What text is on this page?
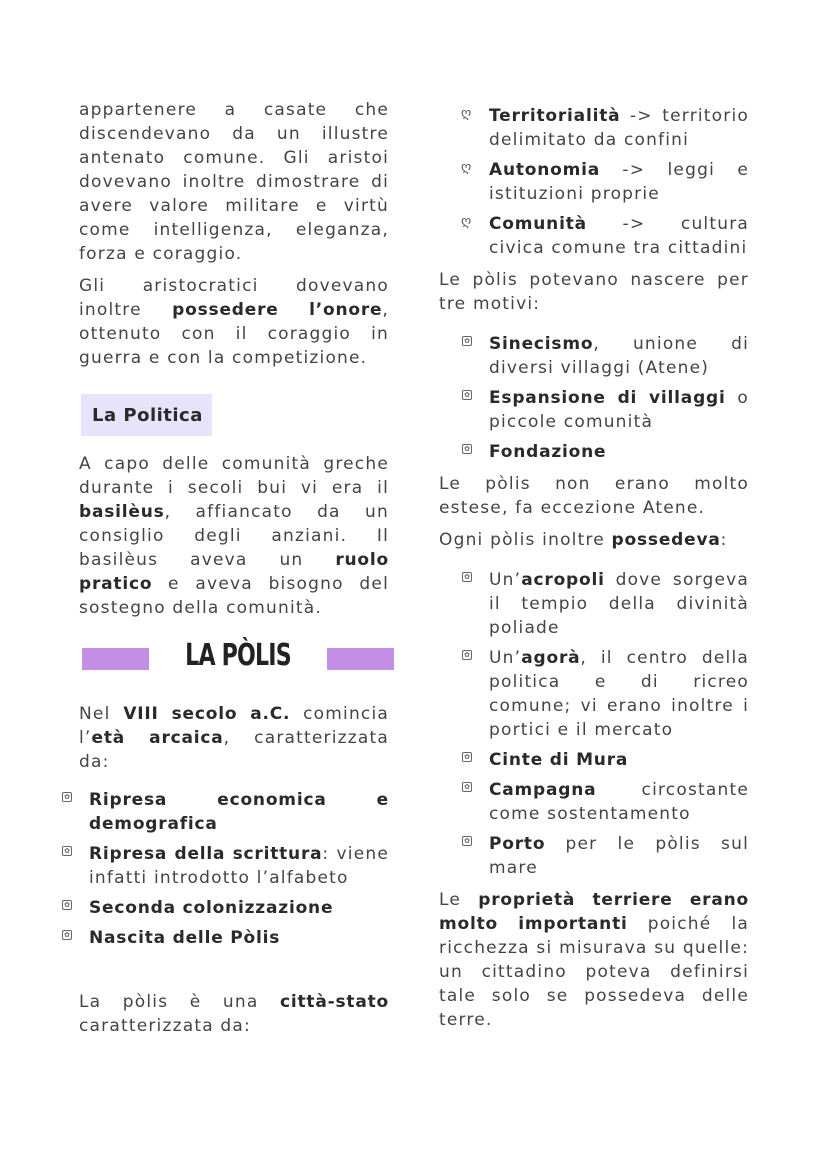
appartenere a casate che discendevano da un illustre antenato comune. Gli aristoi dovevano inoltre dimostrare di avere valore militare e virtù come intelligenza, eleganza, forza e coraggio.

Gli aristocratici dovevano inoltre possedere l’onore, ottenuto con il coraggio in guerra e con la competizione.

La Politica

A capo delle comunità greche durante i secoli bui vi era il basilèus, affiancato da un consiglio degli anziani. Il basilèus aveva un ruolo pratico e aveva bisogno del sostegno della comunità.

LA PÒLIS

Nel VIII secolo a.C. comincia l’età arcaica, caratterizzata da:

✿ Ripresa economica e demografica

✿ Ripresa della scrittura: viene infatti introdotto l’alfabeto

✿ Seconda colonizzazione

✿ Nascita delle Pòlis

La pòlis è una città-stato caratterizzata da:

ღ Territorialità -> territorio delimitato da confini

ღ Autonomia -> leggi e istituzioni proprie

ღ Comunità -> cultura civica comune tra cittadini

Le pòlis potevano nascere per tre motivi:

✿ Sinecismo, unione di diversi villaggi (Atene)

✿ Espansione di villaggi o piccole comunità

✿ Fondazione

Le pòlis non erano molto estese, fa eccezione Atene.

Ogni pòlis inoltre possedeva:

✿ Un’acropoli dove sorgeva il tempio della divinità poliade

✿ Un’agorà, il centro della politica e di ricreo comune; vi erano inoltre i portici e il mercato

✿ Cinte di Mura

✿ Campagna circostante come sostentamento

✿ Porto per le pòlis sul mare

Le proprietà terriere erano molto importanti poiché la ricchezza si misurava su quelle: un cittadino poteva definirsi tale solo se possedeva delle terre.
